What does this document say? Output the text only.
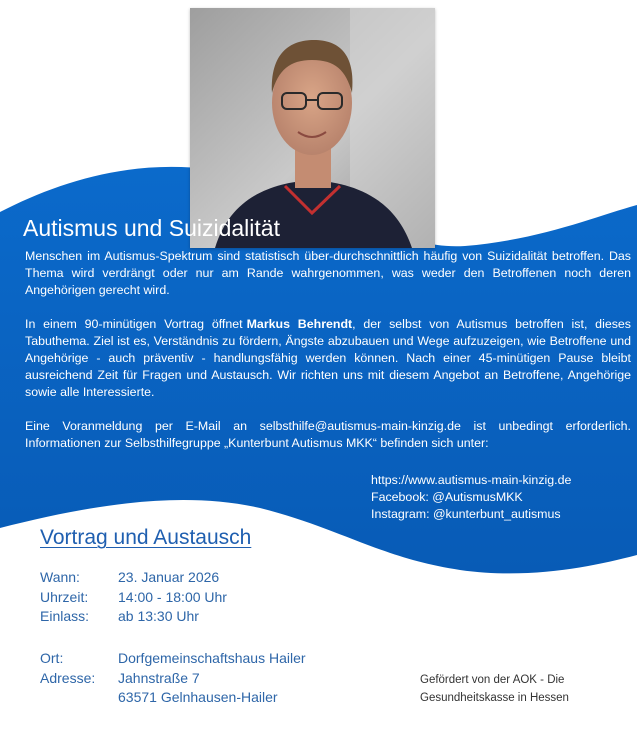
Autismus und Suizidalität

Menschen im Autismus-Spektrum sind statistisch über-durchschnittlich häufig von Suizidalität betroffen. Das Thema wird verdrängt oder nur am Rande wahrgenommen, was weder den Betroffenen noch deren Angehörigen gerecht wird.

In einem 90-minütigen Vortrag öffnet Markus Behrendt, der selbst von Autismus betroffen ist, dieses Tabuthema. Ziel ist es, Verständnis zu fördern, Ängste abzubauen und Wege aufzuzeigen, wie Betroffene und Angehörige - auch präventiv - handlungsfähig werden können. Nach einer 45-minütigen Pause bleibt ausreichend Zeit für Fragen und Austausch. Wir richten uns mit diesem Angebot an Betroffene, Angehörige sowie alle Interessierte.

Eine Voranmeldung per E-Mail an selbsthilfe@autismus-main-kinzig.de ist unbedingt erforderlich. Informationen zur Selbsthilfegruppe „Kunterbunt Autismus MKK“ befinden sich unter:

https://www.autismus-main-kinzig.de
Facebook: @AutismusMKK
Instagram: @kunterbunt_autismus
Vortrag und Austausch
Wann:	23. Januar 2026
Uhrzeit:	14:00 - 18:00 Uhr
Einlass:	ab 13:30 Uhr
Ort:	Dorfgemeinschaftshaus Hailer
Adresse:	Jahnstraße 7
63571 Gelnhausen-Hailer
Gefördert von der AOK - Die
Gesundheitskasse in Hessen
